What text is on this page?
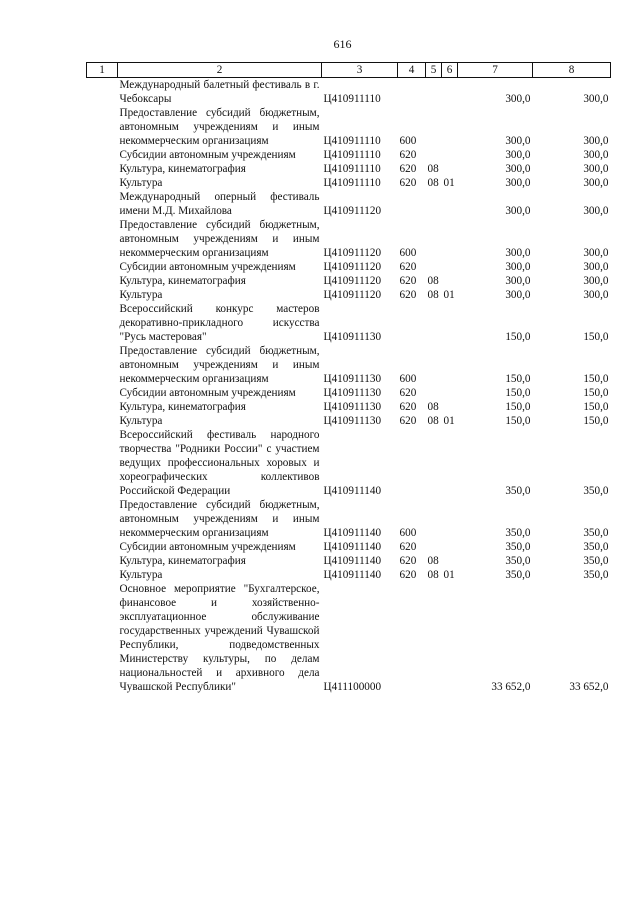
616
1	2	3	4	5	6	7	8
	Международный балетный фестиваль в г. Чебоксары	Ц410911110				300,0	300,0
	Предоставление субсидий бюджетным, автономным учреждениям и иным некоммерческим организациям	Ц410911110	600			300,0	300,0
	Субсидии автономным учреждениям	Ц410911110	620			300,0	300,0
	Культура, кинематография	Ц410911110	620	08		300,0	300,0
	Культура	Ц410911110	620	08	01	300,0	300,0
	Международный оперный фестиваль имени М.Д. Михайлова	Ц410911120				300,0	300,0
	Предоставление субсидий бюджетным, автономным учреждениям и иным некоммерческим организациям	Ц410911120	600			300,0	300,0
	Субсидии автономным учреждениям	Ц410911120	620			300,0	300,0
	Культура, кинематография	Ц410911120	620	08		300,0	300,0
	Культура	Ц410911120	620	08	01	300,0	300,0
	Всероссийский конкурс мастеров декоративно-прикладного искусства "Русь мастеровая"	Ц410911130				150,0	150,0
	Предоставление субсидий бюджетным, автономным учреждениям и иным некоммерческим организациям	Ц410911130	600			150,0	150,0
	Субсидии автономным учреждениям	Ц410911130	620			150,0	150,0
	Культура, кинематография	Ц410911130	620	08		150,0	150,0
	Культура	Ц410911130	620	08	01	150,0	150,0
	Всероссийский фестиваль народного творчества "Родники России" с участием ведущих профессиональных хоровых и хореографических коллективов Российской Федерации	Ц410911140				350,0	350,0
	Предоставление субсидий бюджетным, автономным учреждениям и иным некоммерческим организациям	Ц410911140	600			350,0	350,0
	Субсидии автономным учреждениям	Ц410911140	620			350,0	350,0
	Культура, кинематография	Ц410911140	620	08		350,0	350,0
	Культура	Ц410911140	620	08	01	350,0	350,0
	Основное мероприятие "Бухгалтерское, финансовое и хозяйственно-эксплуатационное обслуживание государственных учреждений Чувашской Республики, подведомственных Министерству культуры, по делам национальностей и архивного дела Чувашской Республики"	Ц411100000				33 652,0	33 652,0
